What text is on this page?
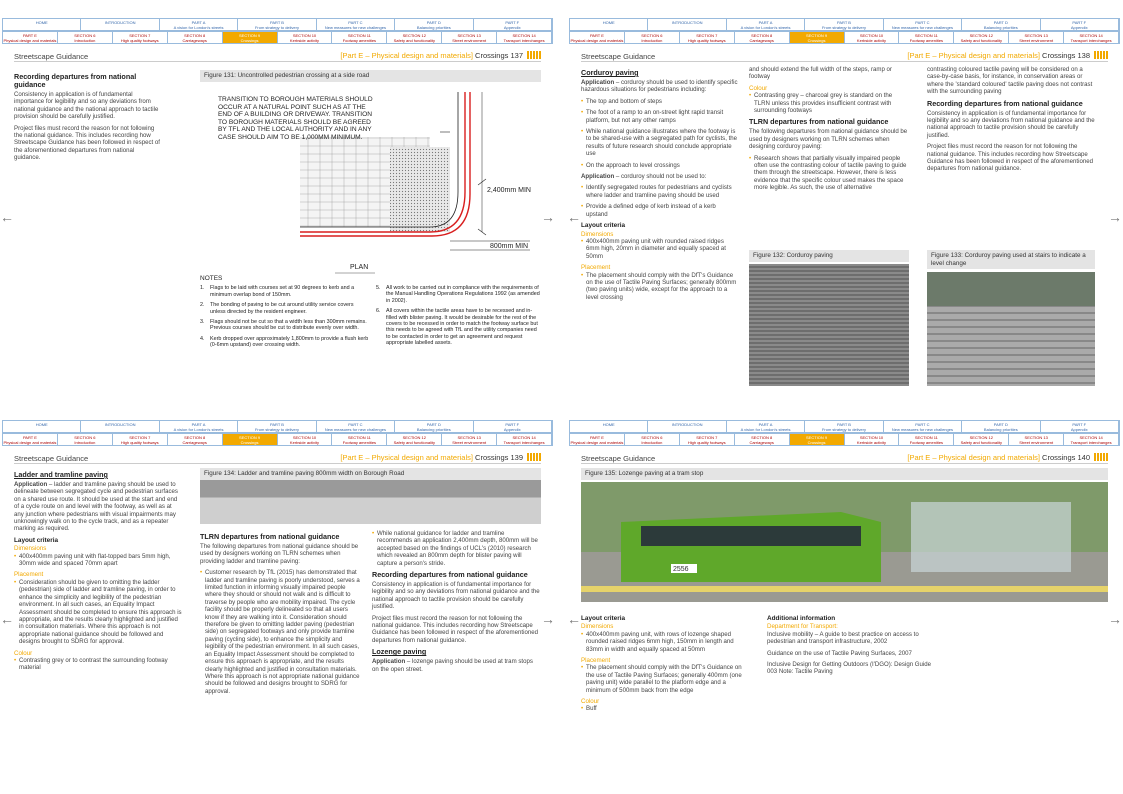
HOME	INTRODUCTION	PART A
A vision for London's streets
PART B
From strategy to delivery
PART C
New measures for new challenges
PART D
Balancing priorities
PART F
Appendix
PART E
Physical design and materials
SECTION 6
Introduction
SECTION 7
High quality footways
SECTION 8
Carriageways
SECTION 9
Crossings
SECTION 10
Kerbside activity
SECTION 11
Footway amenities
SECTION 12
Safety and functionality
SECTION 13
Street environment
SECTION 14
Transport interchanges
Streetscape Guidance	[Part E – Physical design and materials] Crossings 137
←
Recording departures from national guidance

Consistency in application is of fundamental importance for legibility and so any deviations from national guidance and the national approach to tactile provision should be carefully justified.

Project files must record the reason for not following the national guidance. This includes recording how Streetscape Guidance has been followed in respect of the aforementioned departures from national guidance.

Figure 131: Uncontrolled pedestrian crossing at a side road
2,400mm MIN
800mm MIN
PLAN
TRANSITION TO BOROUGH MATERIALS SHOULD OCCUR AT A NATURAL POINT SUCH AS AT THE END OF A BUILDING OR DRIVEWAY. TRANSITION TO BOROUGH MATERIALS SHOULD BE AGREED BY TFL AND THE LOCAL AUTHORITY AND IN ANY CASE SHOULD AIM TO BE 1,000MM MINIMUM.
NOTES
1.	Flags to be laid with courses set at 90 degrees to kerb and a minimum overlap bond of 150mm.
2.	The bonding of paving to be cut around utility service covers unless directed by the resident engineer.
3.	Flags should not be cut so that a width less than 300mm remains. Previous courses should be cut to distribute evenly over width.
4.	Kerb dropped over approximately 1,800mm to provide a flush kerb (0-6mm upstand) over crossing width.
5.	All work to be carried out in compliance with the requirements of the Manual Handling Operations Regulations 1992 (as amended in 2002).
6.	All covers within the tactile areas have to be recessed and in-filled with blister paving. It would be desirable for the rest of the covers to be recessed in order to match the footway surface but this needs to be agreed with TfL and the utility companies need to be contacted in order to get an agreement and request appropriate labelled assets.
→
HOME	INTRODUCTION	PART A
A vision for London's streets
PART B
From strategy to delivery
PART C
New measures for new challenges
PART D
Balancing priorities
PART F
Appendix
PART E
Physical design and materials
SECTION 6
Introduction
SECTION 7
High quality footways
SECTION 8
Carriageways
SECTION 9
Crossings
SECTION 10
Kerbside activity
SECTION 11
Footway amenities
SECTION 12
Safety and functionality
SECTION 13
Street environment
SECTION 14
Transport interchanges
Streetscape Guidance	[Part E – Physical design and materials] Crossings 138
←
Corduroy paving

Application – corduroy should be used to identify specific hazardous situations for pedestrians including:

• The top and bottom of steps
• The foot of a ramp to an on-street light rapid transit platform, but not any other ramps
• While national guidance illustrates where the footway is to be shared-use with a segregated path for cyclists, the results of future research should conclude appropriate use
• On the approach to level crossings

Application – corduroy should not be used to:

• Identify segregated routes for pedestrians and cyclists where ladder and tramline paving should be used
• Provide a defined edge of kerb instead of a kerb upstand
Layout criteria
Dimensions
• 400x400mm paving unit with rounded raised ridges 6mm high, 20mm in diameter and equally spaced at 50mm
Placement
• The placement should comply with the DfT's Guidance on the use of Tactile Paving Surfaces; generally 800mm (two paving units) wide, except for the approach to a level crossing

and should extend the full width of the steps, ramp or footway

Colour
• Contrasting grey – charcoal grey is standard on the TLRN unless this provides insufficient contrast with surrounding footways
TLRN departures from national guidance

The following departures from national guidance should be used by designers working on TLRN schemes when designing corduroy paving:

• Research shows that partially visually impaired people often use the contrasting colour of tactile paving to guide them through the streetscape. However, there is less evidence that the specific colour used makes the space more legible. As such, the use of alternative

contrasting coloured tactile paving will be considered on a case-by-case basis, for instance, in conservation areas or where the 'standard coloured' tactile paving does not contrast with the surrounding paving

Recording departures from national guidance

Consistency in application is of fundamental importance for legibility and so any deviations from national guidance and the national approach to tactile provision should be carefully justified.

Project files must record the reason for not following the national guidance. This includes recording how Streetscape Guidance has been followed in respect of the aforementioned departures from national guidance.

Figure 132: Corduroy paving	Figure 133: Corduroy paving used at stairs to indicate a level change
→
HOME	INTRODUCTION	PART A
A vision for London's streets
PART B
From strategy to delivery
PART C
New measures for new challenges
PART D
Balancing priorities
PART F
Appendix
PART E
Physical design and materials
SECTION 6
Introduction
SECTION 7
High quality footways
SECTION 8
Carriageways
SECTION 9
Crossings
SECTION 10
Kerbside activity
SECTION 11
Footway amenities
SECTION 12
Safety and functionality
SECTION 13
Street environment
SECTION 14
Transport interchanges
Streetscape Guidance	[Part E – Physical design and materials] Crossings 139
←
Ladder and tramline paving

Application – ladder and tramline paving should be used to delineate between segregated cycle and pedestrian surfaces on a shared use route. It should be used at the start and end of a cycle route on and level with the footway, as well as at any junction where pedestrians with visual impairments may unknowingly walk on to the cycle track, and as a repeater marking as required.

Layout criteria
Dimensions
• 400x400mm paving unit with flat-topped bars 5mm high, 30mm wide and spaced 70mm apart
Placement
• Consideration should be given to omitting the ladder (pedestrian) side of ladder and tramline paving, in order to enhance the simplicity and legibility of the pedestrian environment. In all such cases, an Equality Impact Assessment should be completed to ensure this approach is appropriate, and the results clearly highlighted and justified in consultation materials. Where this approach is not appropriate national guidance should be followed and designs brought to SDRG for approval.
Colour
• Contrasting grey or to contrast the surrounding footway material
Figure 134: Ladder and tramline paving 800mm width on Borough Road
TLRN departures from national guidance

The following departures from national guidance should be used by designers working on TLRN schemes when providing ladder and tramline paving:

• Customer research by TfL (2015) has demonstrated that ladder and tramline paving is poorly understood, serves a limited function in informing visually impaired people where they should or should not walk and is difficult to traverse by people who are mobility impaired. The cycle facility should be properly delineated so that all users know if they are walking into it. Consideration should therefore be given to omitting ladder paving (pedestrian side) on segregated footways and only provide tramline paving (cycling side), to enhance the simplicity and legibility of the pedestrian environment. In all such cases, an Equality Impact Assessment should be completed to ensure this approach is appropriate, and the results clearly highlighted and justified in consultation materials. Where this approach is not appropriate national guidance should be followed and designs brought to SDRG for approval.
• While national guidance for ladder and tramline recommends an application 2,400mm depth, 800mm will be accepted based on the findings of UCL's (2010) research which revealed an 800mm depth for blister paving will capture a person's stride.
Recording departures from national guidance

Consistency in application is of fundamental importance for legibility and so any deviations from national guidance and the national approach to tactile provision should be carefully justified.

Project files must record the reason for not following the national guidance. This includes recording how Streetscape Guidance has been followed in respect of the aforementioned departures from national guidance.

Lozenge paving

Application – lozenge paving should be used at tram stops on the open street.

→
HOME	INTRODUCTION	PART A
A vision for London's streets
PART B
From strategy to delivery
PART C
New measures for new challenges
PART D
Balancing priorities
PART F
Appendix
PART E
Physical design and materials
SECTION 6
Introduction
SECTION 7
High quality footways
SECTION 8
Carriageways
SECTION 9
Crossings
SECTION 10
Kerbside activity
SECTION 11
Footway amenities
SECTION 12
Safety and functionality
SECTION 13
Street environment
SECTION 14
Transport interchanges
Streetscape Guidance	[Part E – Physical design and materials] Crossings 140
←
Figure 135: Lozenge paving at a tram stop
2556
Layout criteria
Dimensions
• 400x400mm paving unit, with rows of lozenge shaped rounded raised ridges 6mm high, 150mm in length and 83mm in width and equally spaced at 50mm
Placement
• The placement should comply with the DfT's Guidance on the use of Tactile Paving Surfaces; generally 400mm (one paving unit) wide parallel to the platform edge and a minimum of 500mm back from the edge
Colour
• Buff
Additional information
Department for Transport:

Inclusive mobility – A guide to best practice on access to pedestrian and transport infrastructure, 2002

Guidance on the use of Tactile Paving Surfaces, 2007

Inclusive Design for Getting Outdoors (I'DGO): Design Guide 003 Note: Tactile Paving

→
